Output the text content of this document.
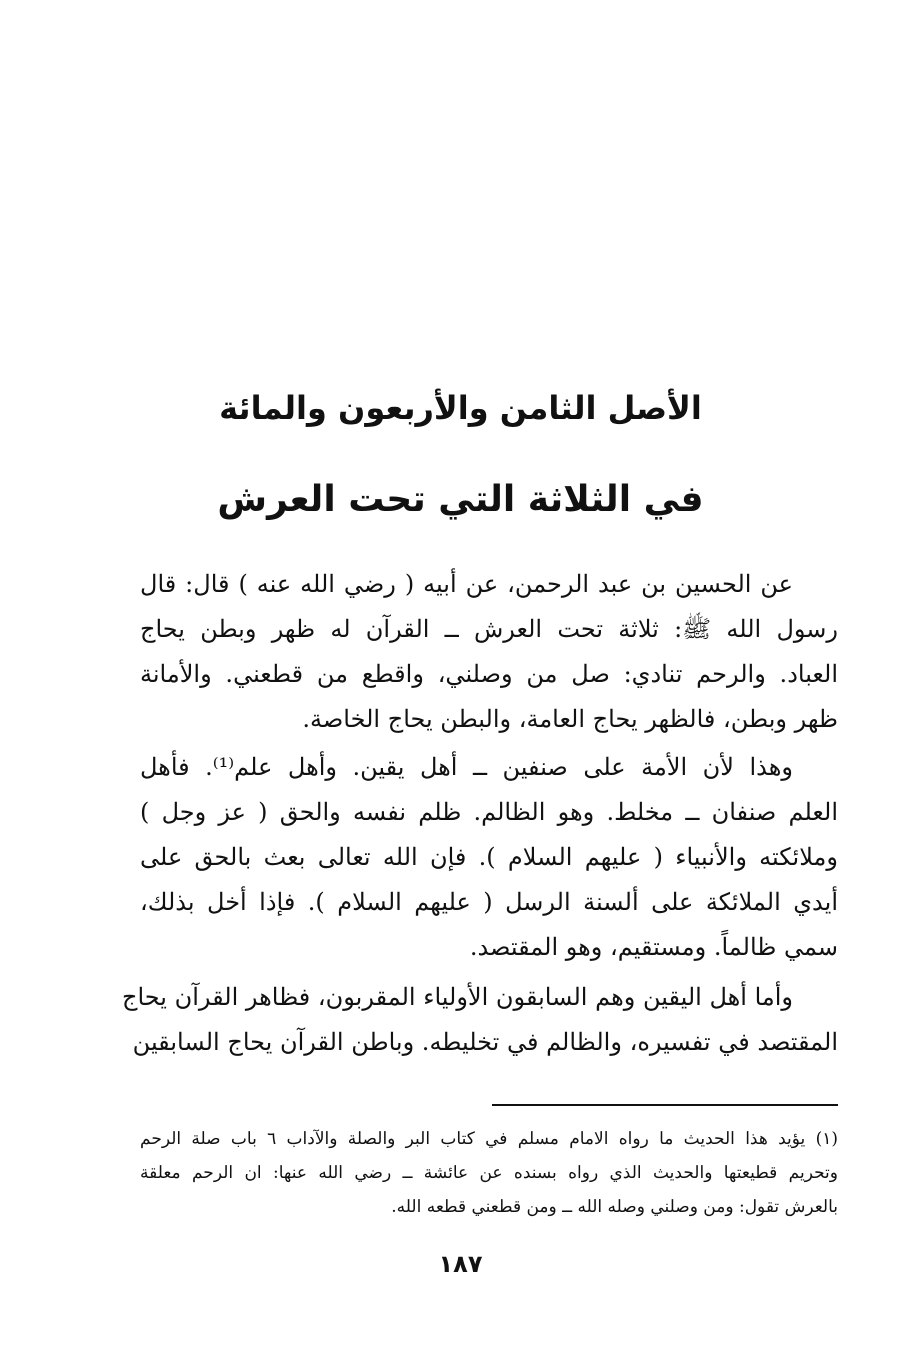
الأصل الثامن والأربعون والمائة
في الثلاثة التي تحت العرش
عن الحسين بن عبد الرحمن، عن أبيه ( رضي الله عنه ) قال: قال
رسول الله ﷺ: ثلاثة تحت العرش ــ القرآن له ظهر وبطن يحاج
العباد. والرحم تنادي: صل من وصلني، واقطع من قطعني. والأمانة
ظهر وبطن، فالظهر يحاج العامة، والبطن يحاج الخاصة.
وهذا لأن الأمة على صنفين ــ أهل يقين. وأهل علم⁽¹⁾. فأهل
العلم صنفان ــ مخلط. وهو الظالم. ظلم نفسه والحق ( عز وجل )
وملائكته والأنبياء ( عليهم السلام ). فإن الله تعالى بعث بالحق على
أيدي الملائكة على ألسنة الرسل ( عليهم السلام ). فإذا أخل بذلك،
سمي ظالماً. ومستقيم، وهو المقتصد.
وأما أهل اليقين وهم السابقون الأولياء المقربون، فظاهر القرآن يحاج
المقتصد في تفسيره، والظالم في تخليطه. وباطن القرآن يحاج السابقين
(١) يؤيد هذا الحديث ما رواه الامام مسلم في كتاب البر والصلة والآداب ٦ باب صلة الرحم
وتحريم قطيعتها والحديث الذي رواه بسنده عن عائشة ــ رضي الله عنها: ان الرحم معلقة
بالعرش تقول: ومن وصلني وصله الله ــ ومن قطعني قطعه الله.
١٨٧
